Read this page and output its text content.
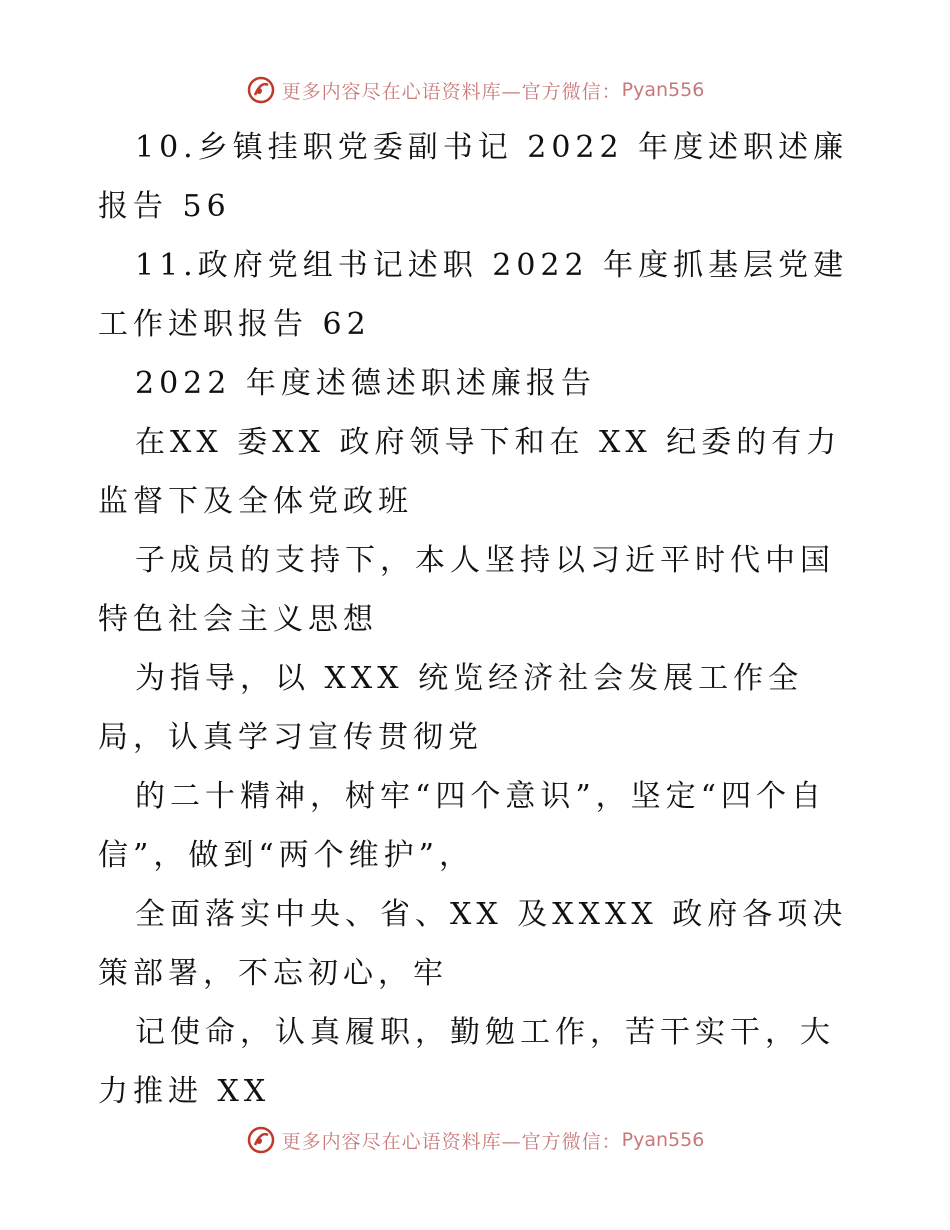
更多内容尽在心语资料库—官方微信： Pyan556

10.乡镇挂职党委副书记 2022 年度述职述廉报告 56

11.政府党组书记述职 2022 年度抓基层党建工作述职报告 62

2022 年度述德述职述廉报告

在XX 委XX 政府领导下和在 XX 纪委的有力监督下及全体党政班

子成员的支持下，本人坚持以习近平时代中国特色社会主义思想

为指导，以 XXX 统览经济社会发展工作全局，认真学习宣传贯彻党

的二十精神，树牢“四个意识”，坚定“四个自信”，做到“两个维护”，

全面落实中央、省、XX 及XXXX 政府各项决策部署，不忘初心，牢

记使命，认真履职，勤勉工作，苦干实干，大力推进 XX

更多内容尽在心语资料库—官方微信： Pyan556
